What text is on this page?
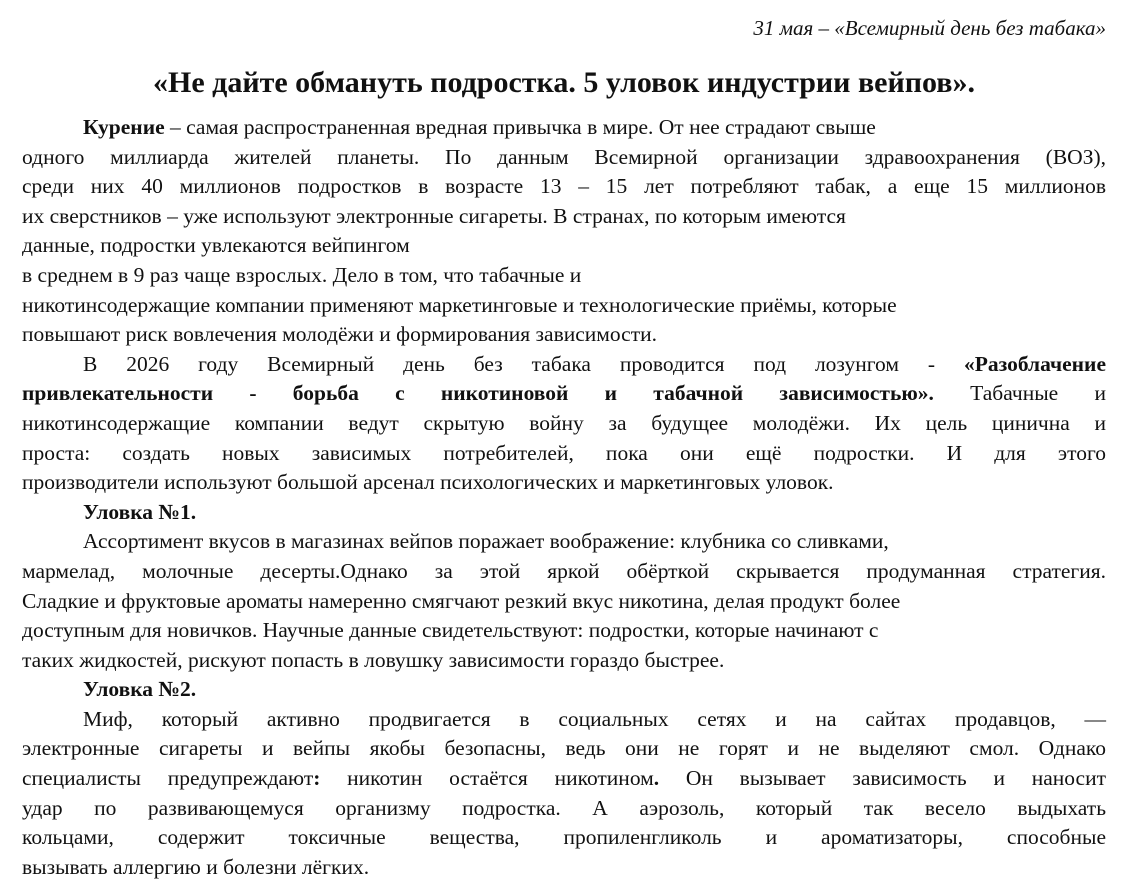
31 мая – «Всемирный день без табака»
«Не дайте обмануть подростка. 5 уловок индустрии вейпов».
Курение – самая распространенная вредная привычка в мире. От нее страдают свыше
одного миллиарда жителей планеты. По данным Всемирной организации здравоохранения (ВОЗ),
среди них 40 миллионов подростков в возрасте 13 – 15 лет потребляют табак, а еще 15 миллионов
их сверстников – уже используют электронные сигареты. В странах, по которым имеются
данные, подростки увлекаются вейпингом
в среднем в 9 раз чаще взрослых. Дело в том, что табачные и
никотинсодержащие компании применяют маркетинговые и технологические приёмы, которые
повышают риск вовлечения молодёжи и формирования зависимости.
В 2026 году Всемирный день без табака проводится под лозунгом - «Разоблачение
привлекательности - борьба с никотиновой и табачной зависимостью». Табачные и
никотинсодержащие компании ведут скрытую войну за будущее молодёжи. Их цель цинична и
проста: создать новых зависимых потребителей, пока они ещё подростки. И для этого
производители используют большой арсенал психологических и маркетинговых уловок.
Уловка №1.
Ассортимент вкусов в магазинах вейпов поражает воображение: клубника со сливками,
мармелад, молочные десерты.Однако за этой яркой обёрткой скрывается продуманная стратегия.
Сладкие и фруктовые ароматы намеренно смягчают резкий вкус никотина, делая продукт более
доступным для новичков. Научные данные свидетельствуют: подростки, которые начинают с
таких жидкостей, рискуют попасть в ловушку зависимости гораздо быстрее.
Уловка №2.
Миф, который активно продвигается в социальных сетях и на сайтах продавцов, —
электронные сигареты и вейпы якобы безопасны, ведь они не горят и не выделяют смол. Однако
специалисты предупреждают: никотин остаётся никотином. Он вызывает зависимость и наносит
удар по развивающемуся организму подростка. А аэрозоль, который так весело выдыхать
кольцами, содержит токсичные вещества, пропиленгликоль и ароматизаторы, способные
вызывать аллергию и болезни лёгких.
